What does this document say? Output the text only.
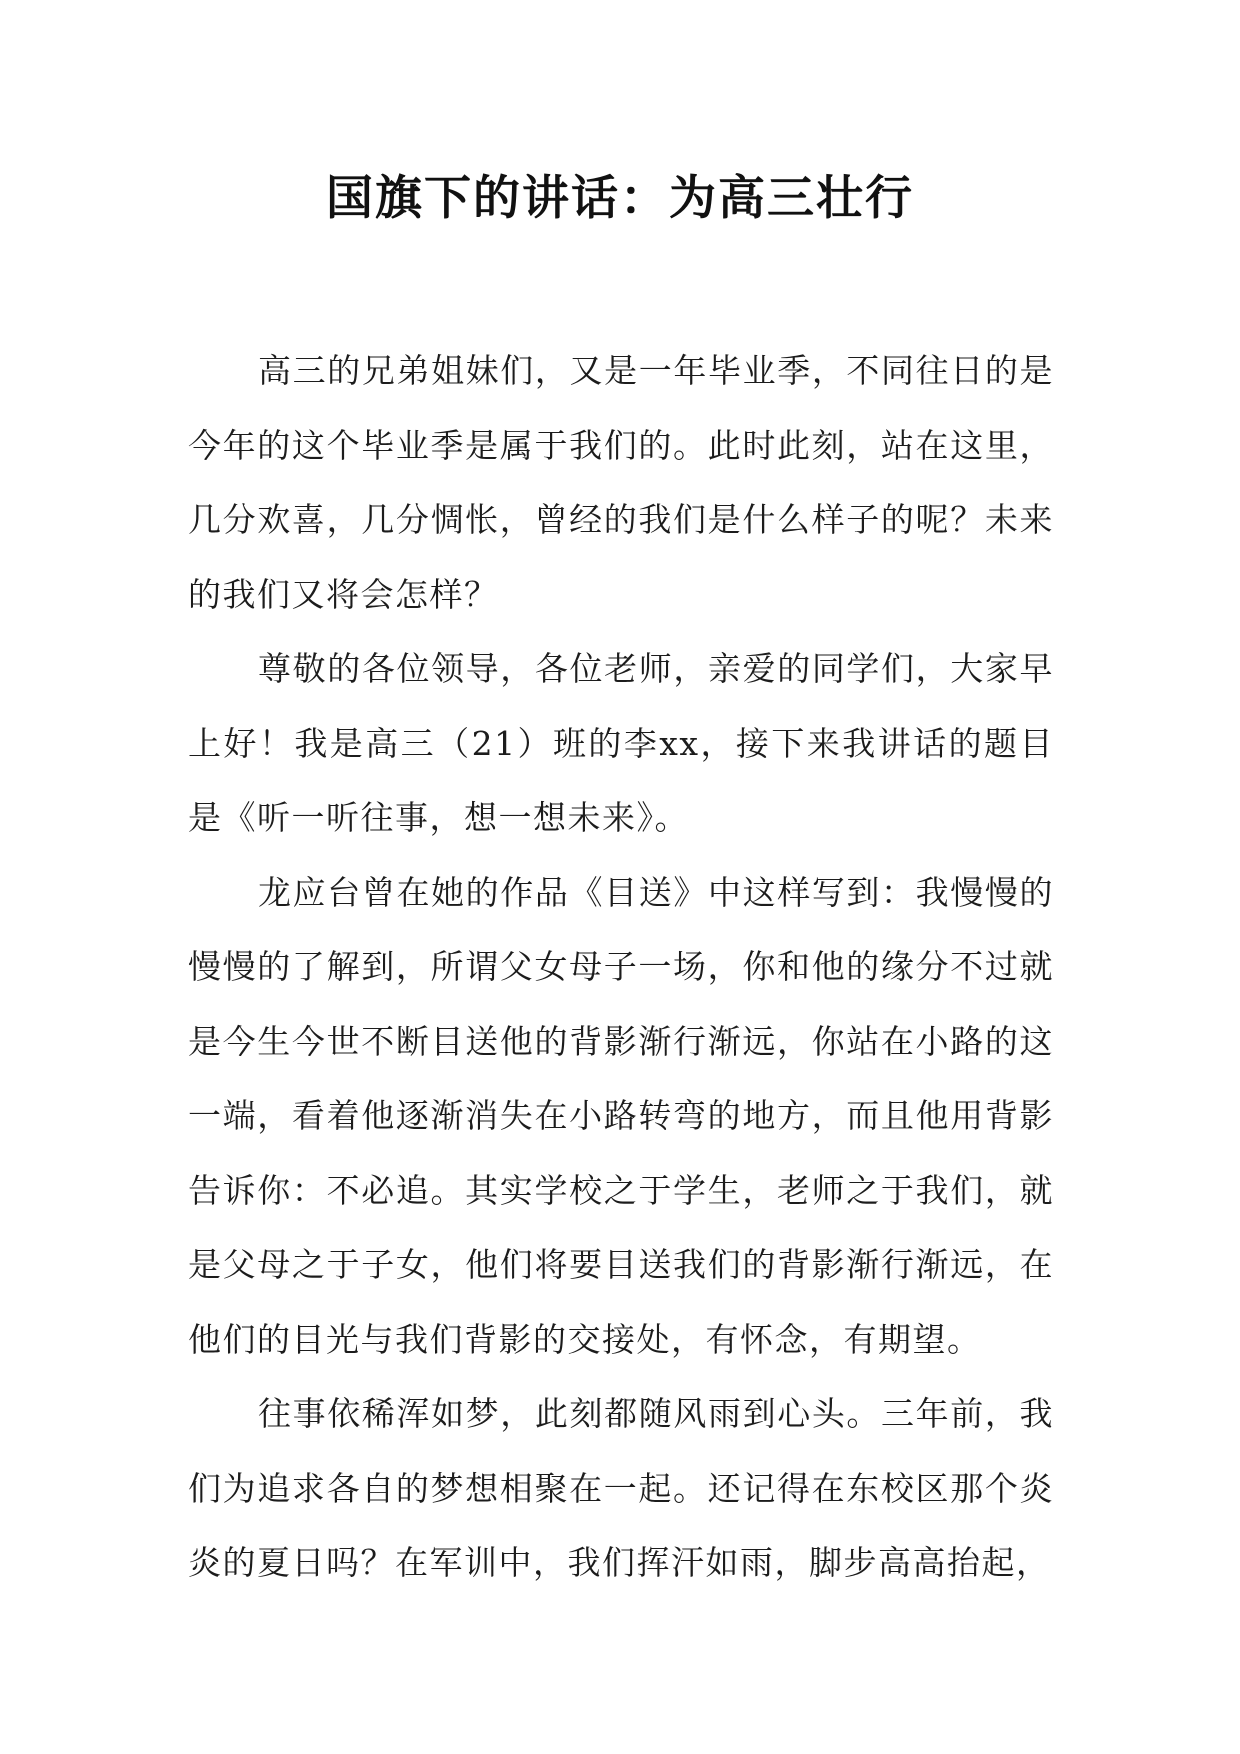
国旗下的讲话：为高三壮行

高三的兄弟姐妹们，又是一年毕业季，不同往日的是今年的这个毕业季是属于我们的。此时此刻，站在这里，几分欢喜，几分惆怅，曾经的我们是什么样子的呢？未来的我们又将会怎样？

尊敬的各位领导，各位老师，亲爱的同学们，大家早上好！我是高三（21）班的李xx，接下来我讲话的题目是《听一听往事，想一想未来》。

龙应台曾在她的作品《目送》中这样写到：我慢慢的慢慢的了解到，所谓父女母子一场，你和他的缘分不过就是今生今世不断目送他的背影渐行渐远，你站在小路的这一端，看着他逐渐消失在小路转弯的地方，而且他用背影告诉你：不必追。其实学校之于学生，老师之于我们，就是父母之于子女，他们将要目送我们的背影渐行渐远，在他们的目光与我们背影的交接处，有怀念，有期望。

往事依稀浑如梦，此刻都随风雨到心头。三年前，我们为追求各自的梦想相聚在一起。还记得在东校区那个炎炎的夏日吗？在军训中，我们挥汗如雨，脚步高高抬起，
